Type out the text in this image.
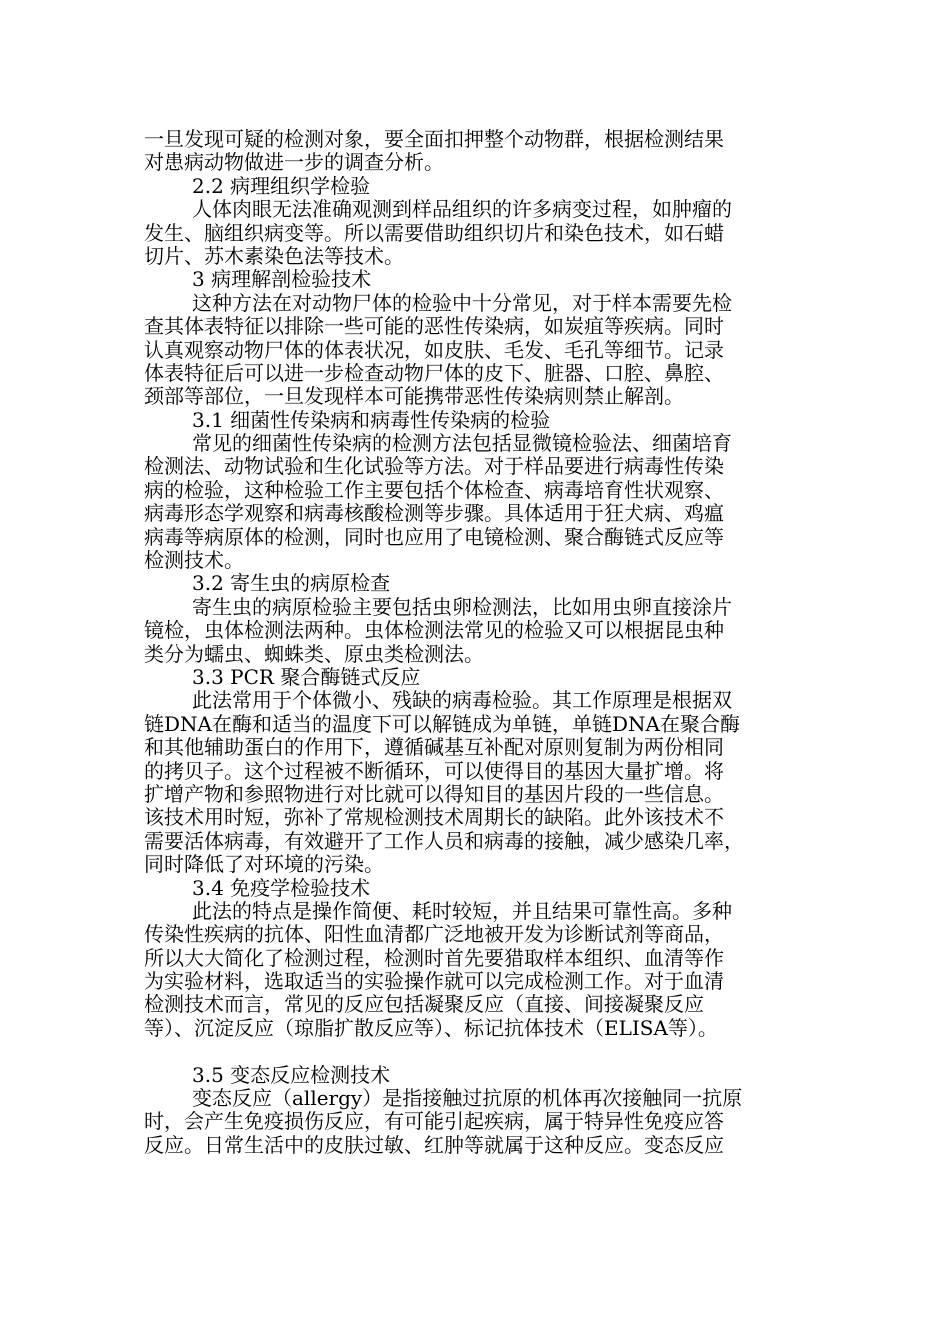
一旦发现可疑的检测对象，要全面扣押整个动物群，根据检测结果
对患病动物做进一步的调查分析。
2.2 病理组织学检验
人体肉眼无法准确观测到样品组织的许多病变过程，如肿瘤的
发生、脑组织病变等。所以需要借助组织切片和染色技术，如石蜡
切片、苏木素染色法等技术。
3 病理解剖检验技术
这种方法在对动物尸体的检验中十分常见，对于样本需要先检
查其体表特征以排除一些可能的恶性传染病，如炭疽等疾病。同时
认真观察动物尸体的体表状况，如皮肤、毛发、毛孔等细节。记录
体表特征后可以进一步检查动物尸体的皮下、脏器、口腔、鼻腔、
颈部等部位，一旦发现样本可能携带恶性传染病则禁止解剖。
3.1 细菌性传染病和病毒性传染病的检验
常见的细菌性传染病的检测方法包括显微镜检验法、细菌培育
检测法、动物试验和生化试验等方法。对于样品要进行病毒性传染
病的检验，这种检验工作主要包括个体检查、病毒培育性状观察、
病毒形态学观察和病毒核酸检测等步骤。具体适用于狂犬病、鸡瘟
病毒等病原体的检测，同时也应用了电镜检测、聚合酶链式反应等
检测技术。
3.2 寄生虫的病原检查
寄生虫的病原检验主要包括虫卵检测法，比如用虫卵直接涂片
镜检，虫体检测法两种。虫体检测法常见的检验又可以根据昆虫种
类分为蠕虫、蜘蛛类、原虫类检测法。
3.3 PCR 聚合酶链式反应
此法常用于个体微小、残缺的病毒检验。其工作原理是根据双
链DNA在酶和适当的温度下可以解链成为单链，单链DNA在聚合酶
和其他辅助蛋白的作用下，遵循碱基互补配对原则复制为两份相同
的拷贝子。这个过程被不断循环，可以使得目的基因大量扩增。将
扩增产物和参照物进行对比就可以得知目的基因片段的一些信息。
该技术用时短，弥补了常规检测技术周期长的缺陷。此外该技术不
需要活体病毒，有效避开了工作人员和病毒的接触，减少感染几率，
同时降低了对环境的污染。
3.4 免疫学检验技术
此法的特点是操作简便、耗时较短，并且结果可靠性高。多种
传染性疾病的抗体、阳性血清都广泛地被开发为诊断试剂等商品，
所以大大简化了检测过程，检测时首先要猎取样本组织、血清等作
为实验材料，选取适当的实验操作就可以完成检测工作。对于血清
检测技术而言，常见的反应包括凝聚反应（直接、间接凝聚反应
等）、沉淀反应（琼脂扩散反应等）、标记抗体技术（ELISA等）。
3.5 变态反应检测技术
变态反应（allergy）是指接触过抗原的机体再次接触同一抗原
时，会产生免疫损伤反应，有可能引起疾病，属于特异性免疫应答
反应。日常生活中的皮肤过敏、红肿等就属于这种反应。变态反应
